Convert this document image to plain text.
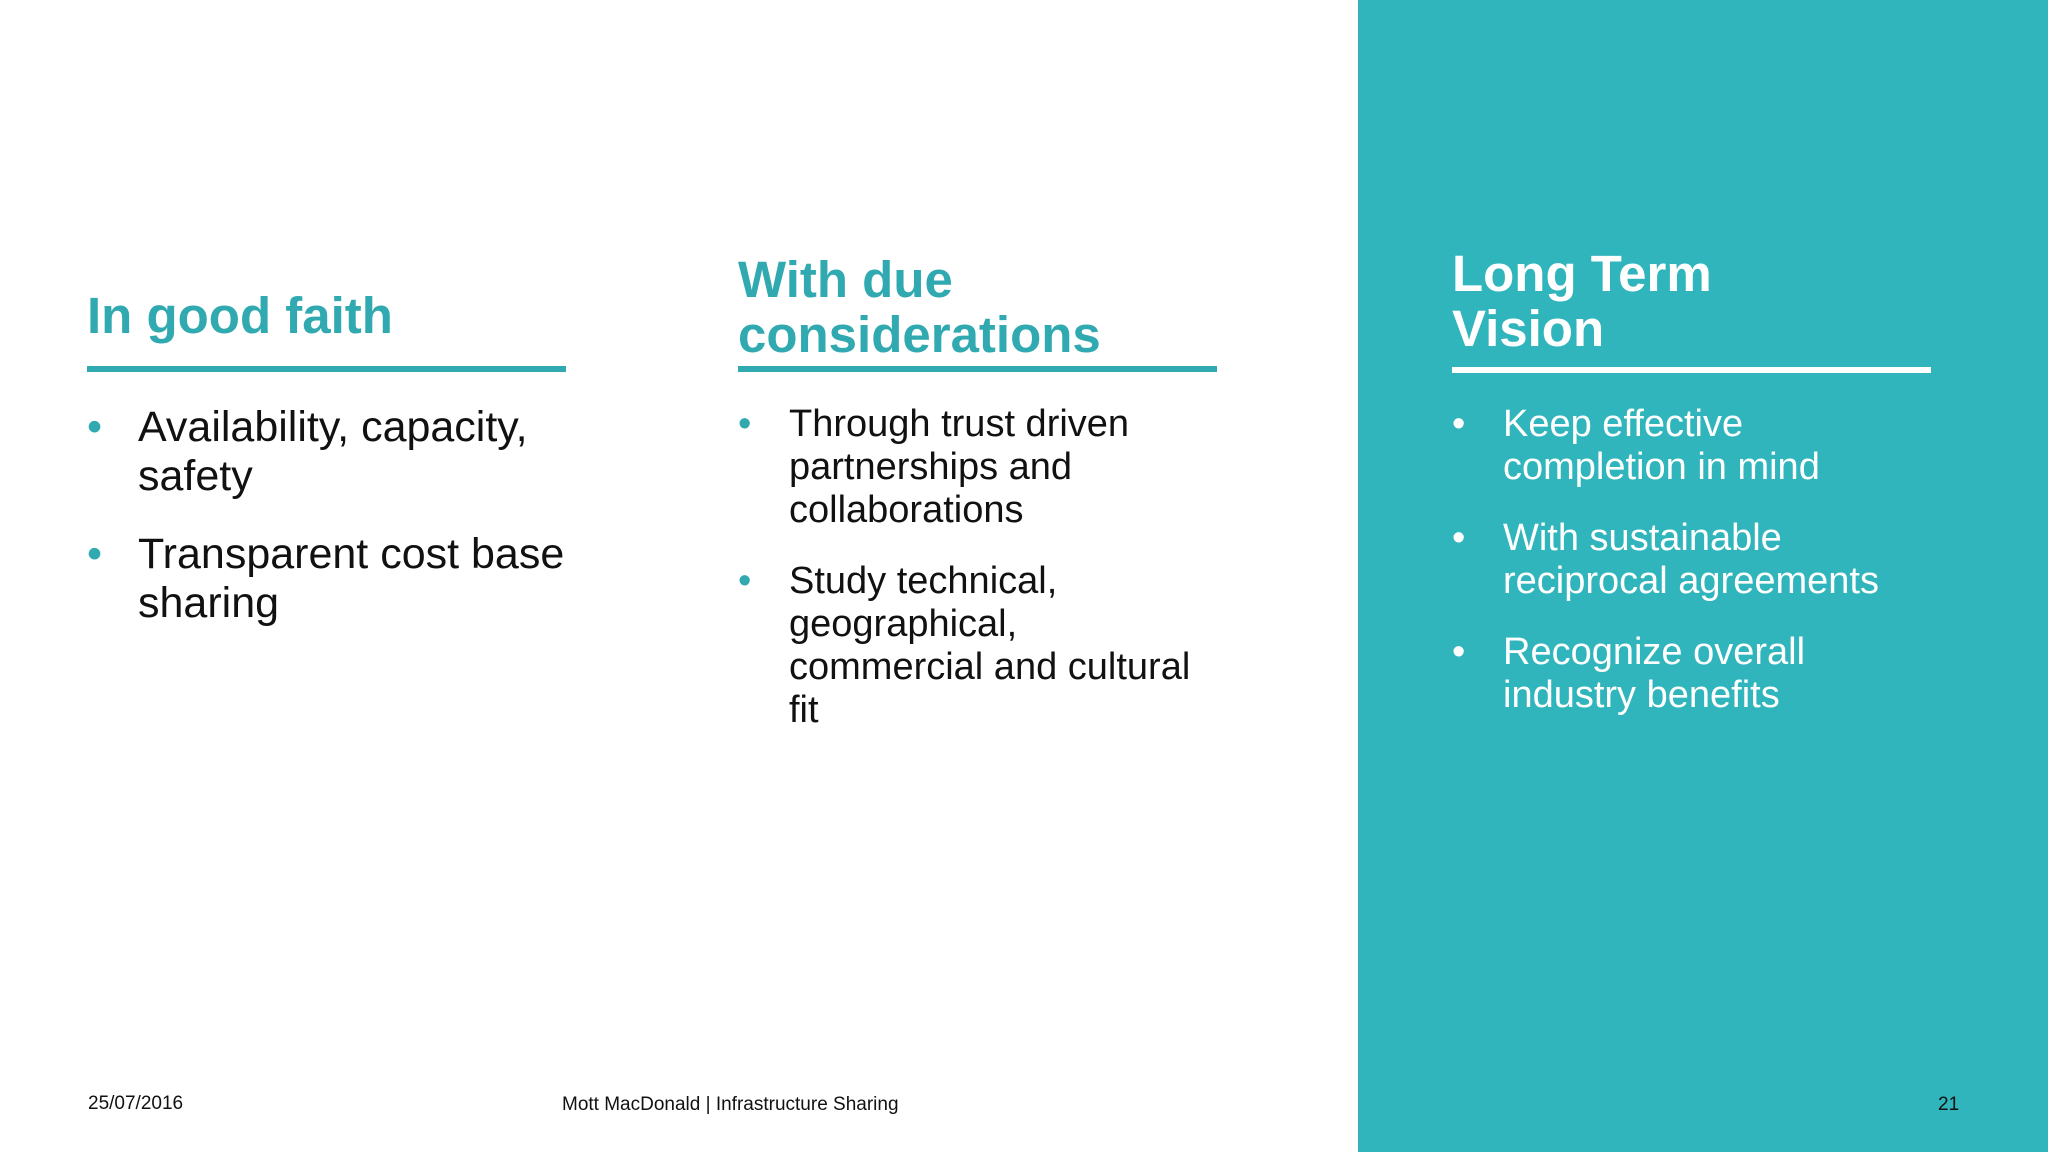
In good faith
• Availability, capacity, safety
• Transparent cost base sharing
With due
considerations
• Through trust driven partnerships and collaborations
• Study technical, geographical, commercial and cultural fit
Long Term
Vision
• Keep effective completion in mind
• With sustainable reciprocal agreements
• Recognize overall industry benefits
25/07/2016	Mott MacDonald | Infrastructure Sharing	21
